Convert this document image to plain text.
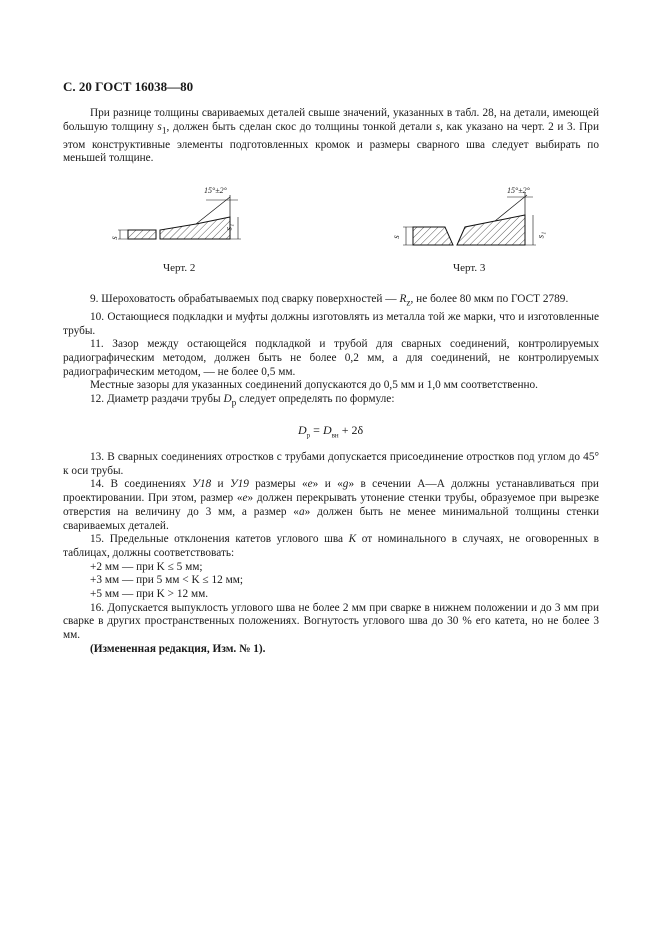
С. 20 ГОСТ 16038—80

При разнице толщины свариваемых деталей свыше значений, указанных в табл. 28, на детали, имеющей большую толщину $s_1$, должен быть сделан скос до толщины тонкой детали s, как указано на черт. 2 и 3. При этом конструктивные элементы подготовленных кромок и размеры сварного шва следует выбирать по меньшей толщине.

15°±2°
s
s₁
Черт. 2
15°±2°
s	s₁
Черт. 3

9. Шероховатость обрабатываемых под сварку поверхностей — $R_z$, не более 80 мкм по ГОСТ 2789.

10. Остающиеся подкладки и муфты должны изготовлять из металла той же марки, что и изготовленные трубы.

11. Зазор между остающейся подкладкой и трубой для сварных соединений, контролируемых радиографическим методом, должен быть не более 0,2 мм, а для соединений, не контролируемых радиографическим методом, — не более 0,5 мм.

Местные зазоры для указанных соединений допускаются до 0,5 мм и 1,0 мм соответственно.

12. Диаметр раздачи трубы $D_р$ следует определять по формуле:

$D_р = D_{вн} + 2\delta$

13. В сварных соединениях отростков с трубами допускается присоединение отростков под углом до 45° к оси трубы.

14. В соединениях У18 и У19 размеры «е» и «g» в сечении А—А должны устанавливаться при проектировании. При этом, размер «е» должен перекрывать утонение стенки трубы, образуемое при вырезке отверстия на величину до 3 мм, а размер «а» должен быть не менее минимальной толщины стенки свариваемых деталей.

15. Предельные отклонения катетов углового шва K от номинального в случаях, не оговоренных в таблицах, должны соответствовать:

+2 мм — при K ≤ 5 мм;

+3 мм — при 5 мм < K ≤ 12 мм;

+5 мм — при K > 12 мм.

16. Допускается выпуклость углового шва не более 2 мм при сварке в нижнем положении и до 3 мм при сварке в других пространственных положениях. Вогнутость углового шва до 30 % его катета, но не более 3 мм.

(Измененная редакция, Изм. № 1).
